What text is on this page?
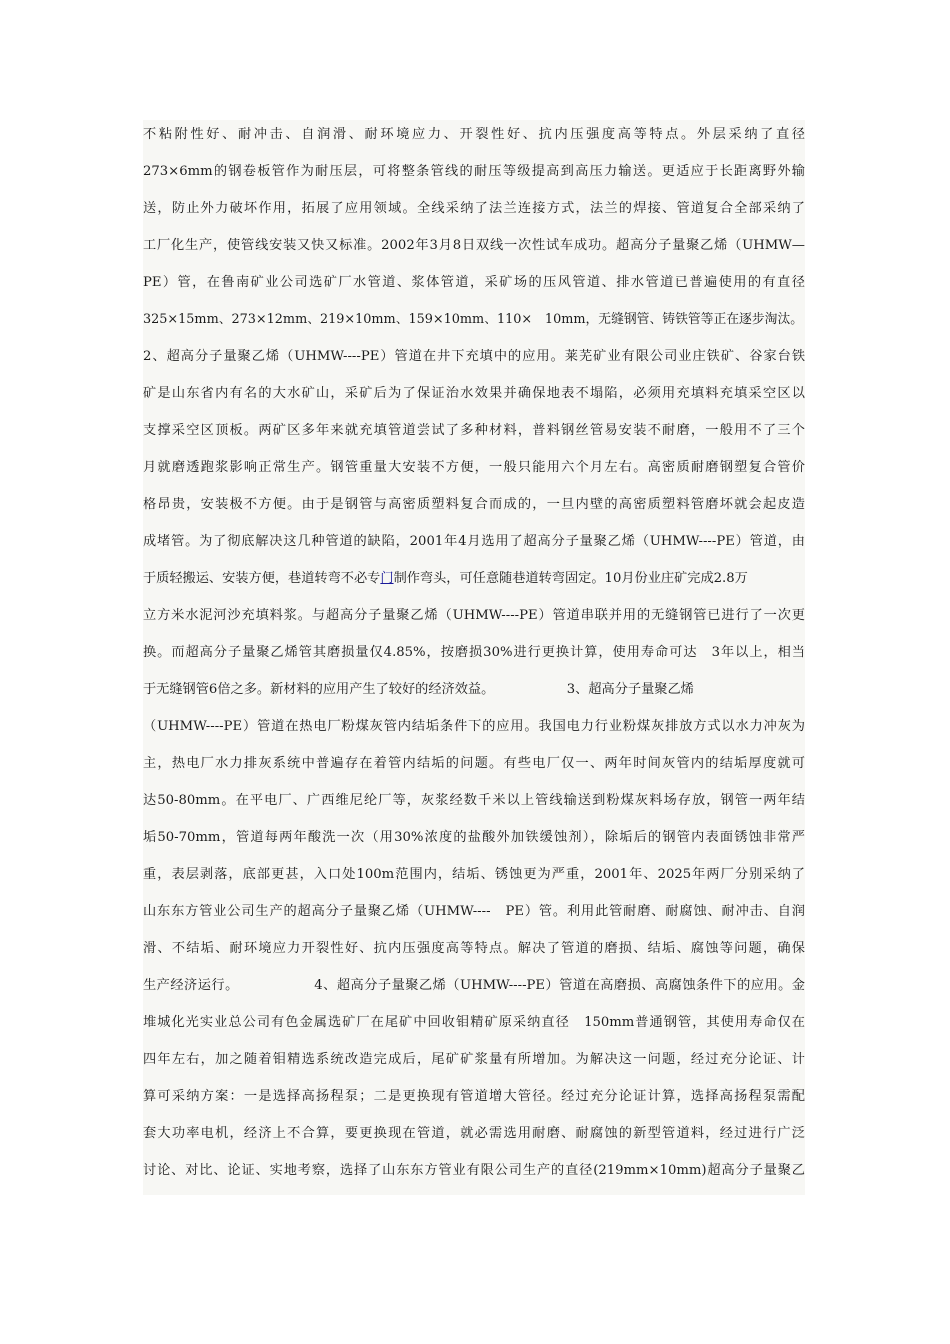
不粘附性好、耐冲击、自润滑、耐环境应力、开裂性好、抗内压强度高等特点。外层采纳了直径
273×6mm的钢卷板管作为耐压层，可将整条管线的耐压等级提高到高压力输送。更适应于长距离野外输
送，防止外力破坏作用，拓展了应用领域。全线采纳了法兰连接方式，法兰的焊接、管道复合全部采纳了
工厂化生产，使管线安装又快又标准。2002年3月8日双线一次性试车成功。超高分子量聚乙烯（UHMW—
PE）管，在鲁南矿业公司选矿厂水管道、浆体管道，采矿场的压风管道、排水管道已普遍使用的有直径
325×15mm、273×12mm、219×10mm、159×10mm、110×　10mm，无缝钢管、铸铁管等正在逐步淘汰。
2、超高分子量聚乙烯（UHMW----PE）管道在井下充填中的应用。莱芜矿业有限公司业庄铁矿、谷家台铁
矿是山东省内有名的大水矿山，采矿后为了保证治水效果并确保地表不塌陷，必须用充填料充填采空区以
支撑采空区顶板。两矿区多年来就充填管道尝试了多种材料，普料钢丝管易安装不耐磨，一般用不了三个
月就磨透跑浆影响正常生产。钢管重量大安装不方便，一般只能用六个月左右。高密质耐磨钢塑复合管价
格昂贵，安装极不方便。由于是钢管与高密质塑料复合而成的，一旦内壁的高密质塑料管磨坏就会起皮造
成堵管。为了彻底解决这几种管道的缺陷，2001年4月选用了超高分子量聚乙烯（UHMW----PE）管道，由
于质轻搬运、安装方便，巷道转弯不必专门制作弯头，可任意随巷道转弯固定。10月份业庄矿完成2.8万
立方米水泥河沙充填料浆。与超高分子量聚乙烯（UHMW----PE）管道串联并用的无缝钢管已进行了一次更
换。而超高分子量聚乙烯管其磨损量仅4.85%，按磨损30%进行更换计算，使用寿命可达　3年以上，相当
于无缝钢管6倍之多。新材料的应用产生了较好的经济效益。　　　　　　3、超高分子量聚乙烯
（UHMW----PE）管道在热电厂粉煤灰管内结垢条件下的应用。我国电力行业粉煤灰排放方式以水力冲灰为
主，热电厂水力排灰系统中普遍存在着管内结垢的问题。有些电厂仅一、两年时间灰管内的结垢厚度就可
达50-80mm。在平电厂、广西维尼纶厂等，灰浆经数千米以上管线输送到粉煤灰料场存放，钢管一两年结
垢50-70mm，管道每两年酸洗一次（用30%浓度的盐酸外加铁缓蚀剂），除垢后的钢管内表面锈蚀非常严
重，表层剥落，底部更甚，入口处100m范围内，结垢、锈蚀更为严重，2001年、2025年两厂分别采纳了
山东东方管业公司生产的超高分子量聚乙烯（UHMW----　PE）管。利用此管耐磨、耐腐蚀、耐冲击、自润
滑、不结垢、耐环境应力开裂性好、抗内压强度高等特点。解决了管道的磨损、结垢、腐蚀等问题，确保
生产经济运行。　　　　　　4、超高分子量聚乙烯（UHMW----PE）管道在高磨损、高腐蚀条件下的应用。金
堆城化光实业总公司有色金属选矿厂在尾矿中回收钼精矿原采纳直径　150mm普通钢管，其使用寿命仅在
四年左右，加之随着钼精选系统改造完成后，尾矿矿浆量有所增加。为解决这一问题，经过充分论证、计
算可采纳方案：一是选择高扬程泵；二是更换现有管道增大管径。经过充分论证计算，选择高扬程泵需配
套大功率电机，经济上不合算，要更换现在管道，就必需选用耐磨、耐腐蚀的新型管道料，经过进行广泛
讨论、对比、论证、实地考察，选择了山东东方管业有限公司生产的直径(219mm×10mm)超高分子量聚乙
